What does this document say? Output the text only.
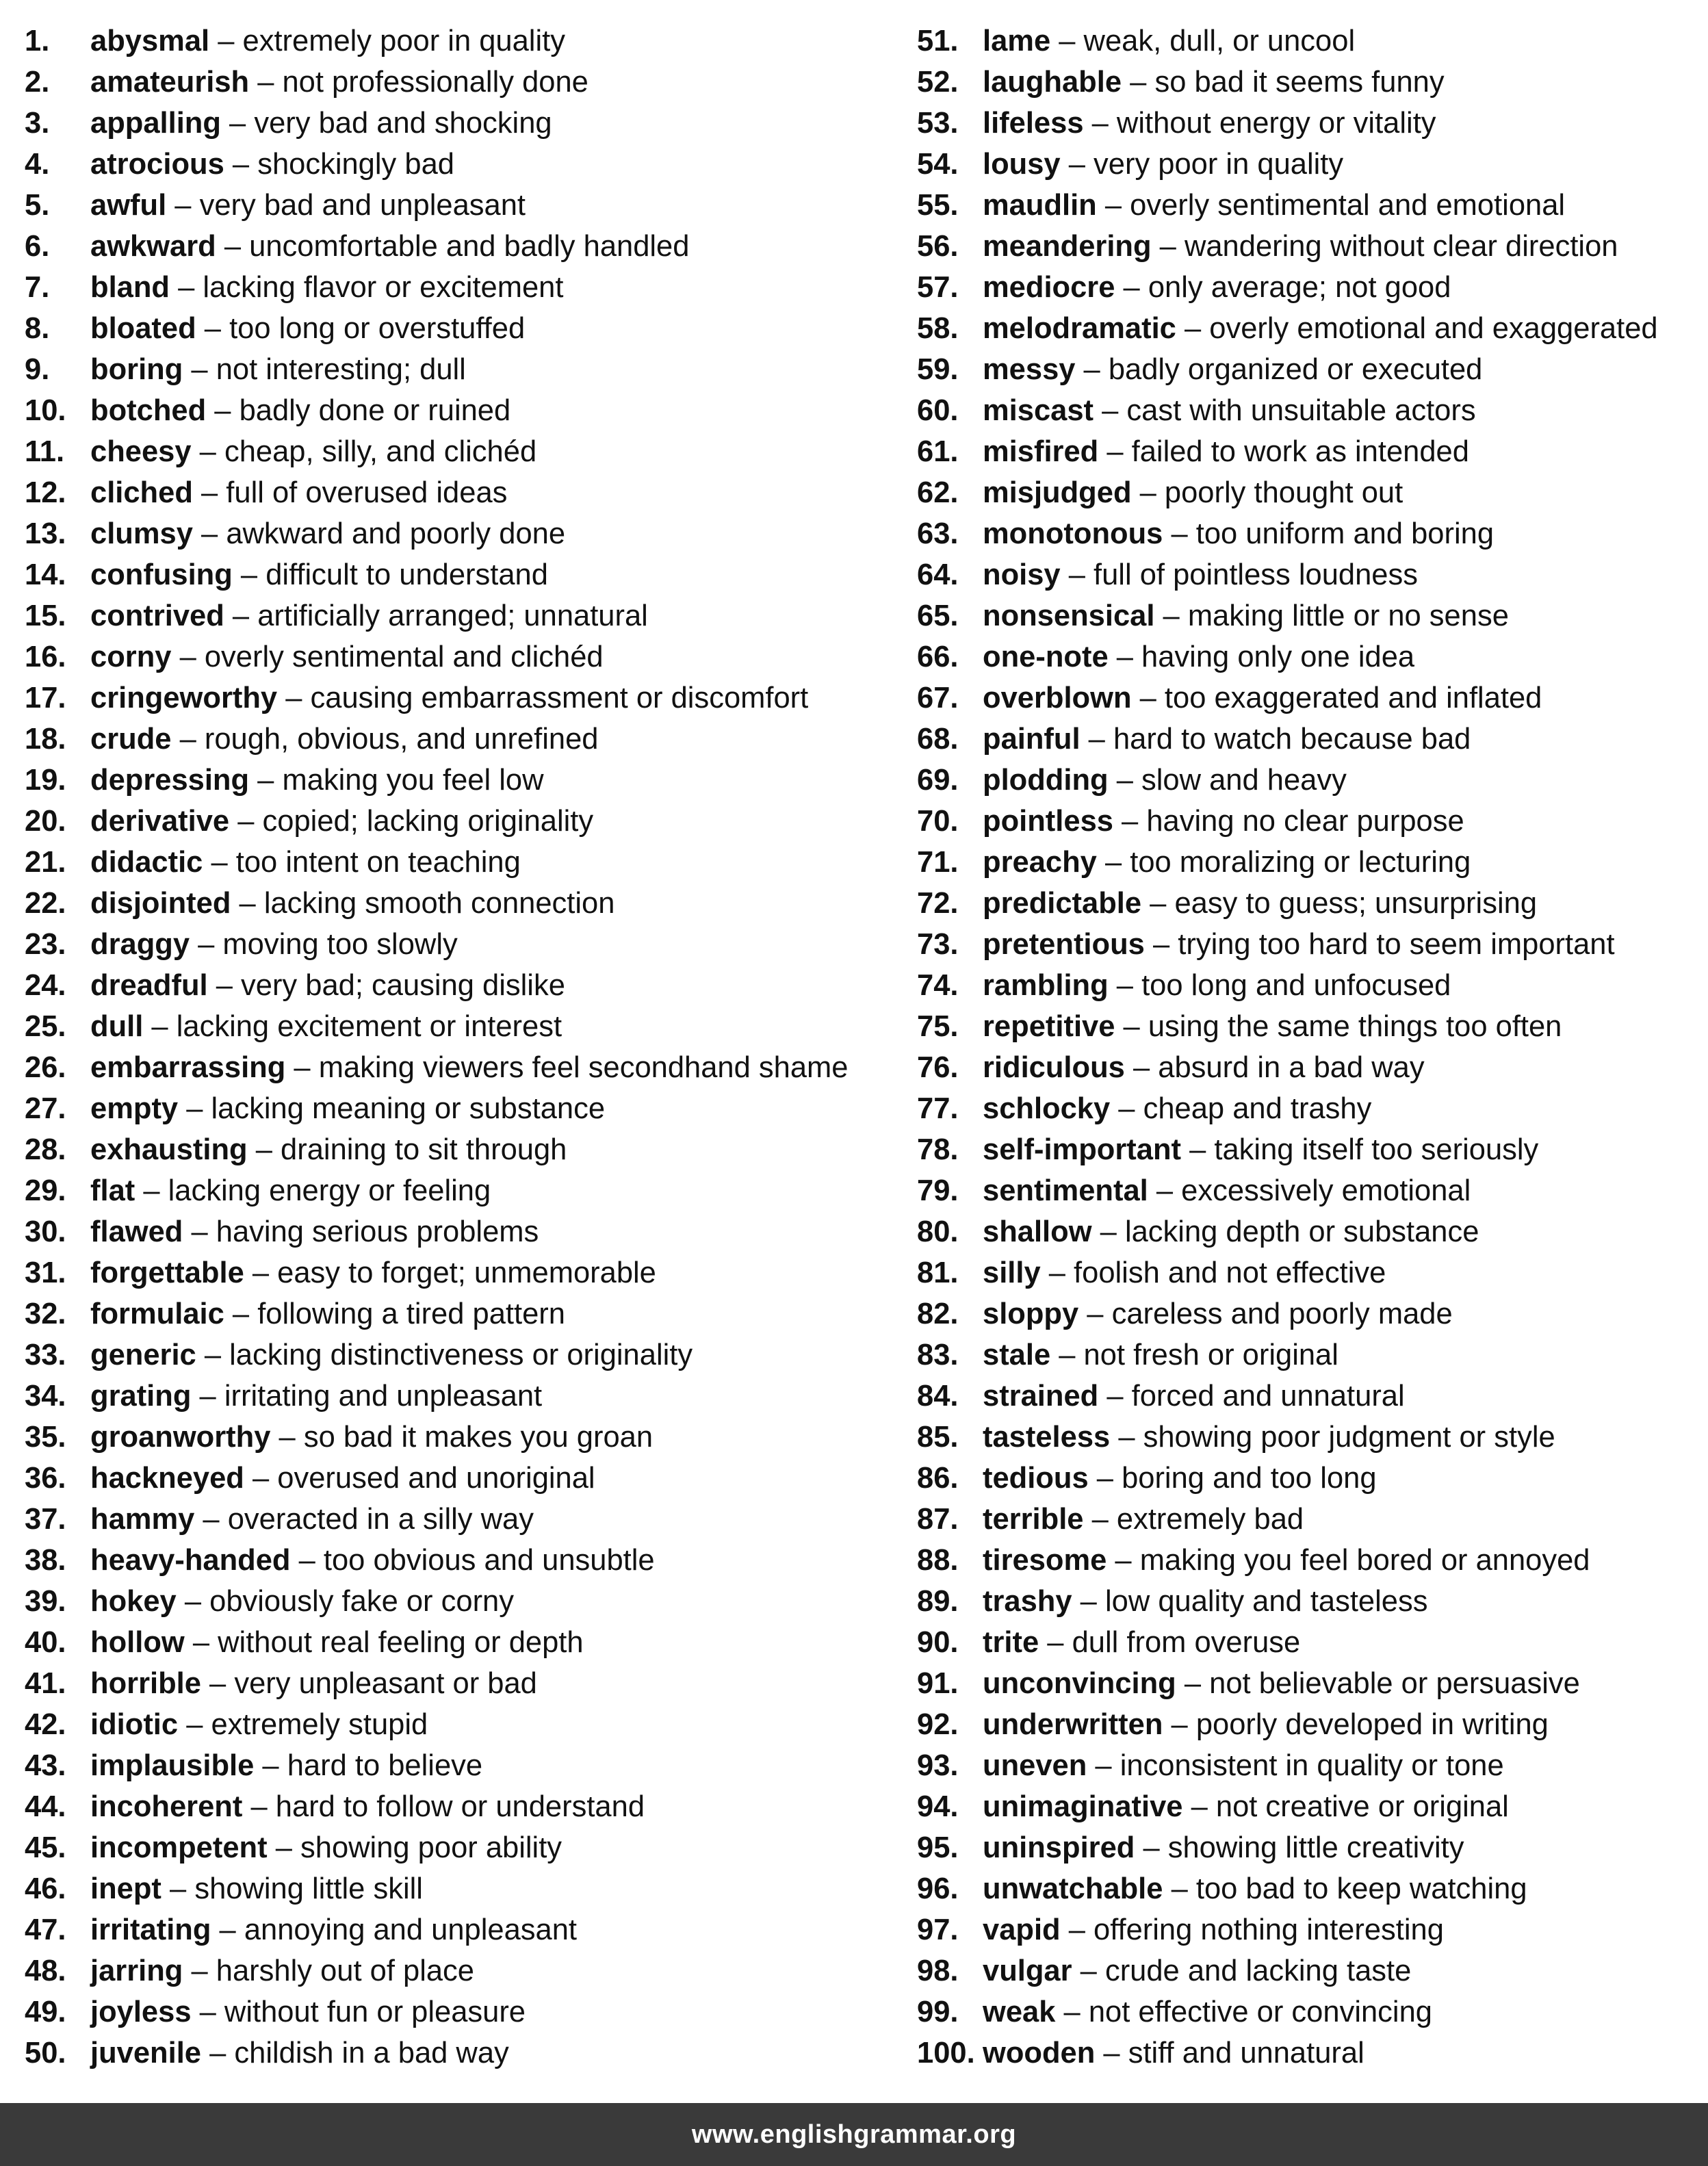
1. abysmal – extremely poor in quality
2. amateurish – not professionally done
3. appalling – very bad and shocking
4. atrocious – shockingly bad
5. awful – very bad and unpleasant
6. awkward – uncomfortable and badly handled
7. bland – lacking flavor or excitement
8. bloated – too long or overstuffed
9. boring – not interesting; dull
10. botched – badly done or ruined
11. cheesy – cheap, silly, and clichéd
12. cliched – full of overused ideas
13. clumsy – awkward and poorly done
14. confusing – difficult to understand
15. contrived – artificially arranged; unnatural
16. corny – overly sentimental and clichéd
17. cringeworthy – causing embarrassment or discomfort
18. crude – rough, obvious, and unrefined
19. depressing – making you feel low
20. derivative – copied; lacking originality
21. didactic – too intent on teaching
22. disjointed – lacking smooth connection
23. draggy – moving too slowly
24. dreadful – very bad; causing dislike
25. dull – lacking excitement or interest
26. embarrassing – making viewers feel secondhand shame
27. empty – lacking meaning or substance
28. exhausting – draining to sit through
29. flat – lacking energy or feeling
30. flawed – having serious problems
31. forgettable – easy to forget; unmemorable
32. formulaic – following a tired pattern
33. generic – lacking distinctiveness or originality
34. grating – irritating and unpleasant
35. groanworthy – so bad it makes you groan
36. hackneyed – overused and unoriginal
37. hammy – overacted in a silly way
38. heavy-handed – too obvious and unsubtle
39. hokey – obviously fake or corny
40. hollow – without real feeling or depth
41. horrible – very unpleasant or bad
42. idiotic – extremely stupid
43. implausible – hard to believe
44. incoherent – hard to follow or understand
45. incompetent – showing poor ability
46. inept – showing little skill
47. irritating – annoying and unpleasant
48. jarring – harshly out of place
49. joyless – without fun or pleasure
50. juvenile – childish in a bad way
51. lame – weak, dull, or uncool
52. laughable – so bad it seems funny
53. lifeless – without energy or vitality
54. lousy – very poor in quality
55. maudlin – overly sentimental and emotional
56. meandering – wandering without clear direction
57. mediocre – only average; not good
58. melodramatic – overly emotional and exaggerated
59. messy – badly organized or executed
60. miscast – cast with unsuitable actors
61. misfired – failed to work as intended
62. misjudged – poorly thought out
63. monotonous – too uniform and boring
64. noisy – full of pointless loudness
65. nonsensical – making little or no sense
66. one-note – having only one idea
67. overblown – too exaggerated and inflated
68. painful – hard to watch because bad
69. plodding – slow and heavy
70. pointless – having no clear purpose
71. preachy – too moralizing or lecturing
72. predictable – easy to guess; unsurprising
73. pretentious – trying too hard to seem important
74. rambling – too long and unfocused
75. repetitive – using the same things too often
76. ridiculous – absurd in a bad way
77. schlocky – cheap and trashy
78. self-important – taking itself too seriously
79. sentimental – excessively emotional
80. shallow – lacking depth or substance
81. silly – foolish and not effective
82. sloppy – careless and poorly made
83. stale – not fresh or original
84. strained – forced and unnatural
85. tasteless – showing poor judgment or style
86. tedious – boring and too long
87. terrible – extremely bad
88. tiresome – making you feel bored or annoyed
89. trashy – low quality and tasteless
90. trite – dull from overuse
91. unconvincing – not believable or persuasive
92. underwritten – poorly developed in writing
93. uneven – inconsistent in quality or tone
94. unimaginative – not creative or original
95. uninspired – showing little creativity
96. unwatchable – too bad to keep watching
97. vapid – offering nothing interesting
98. vulgar – crude and lacking taste
99. weak – not effective or convincing
100. wooden – stiff and unnatural
www.englishgrammar.org
